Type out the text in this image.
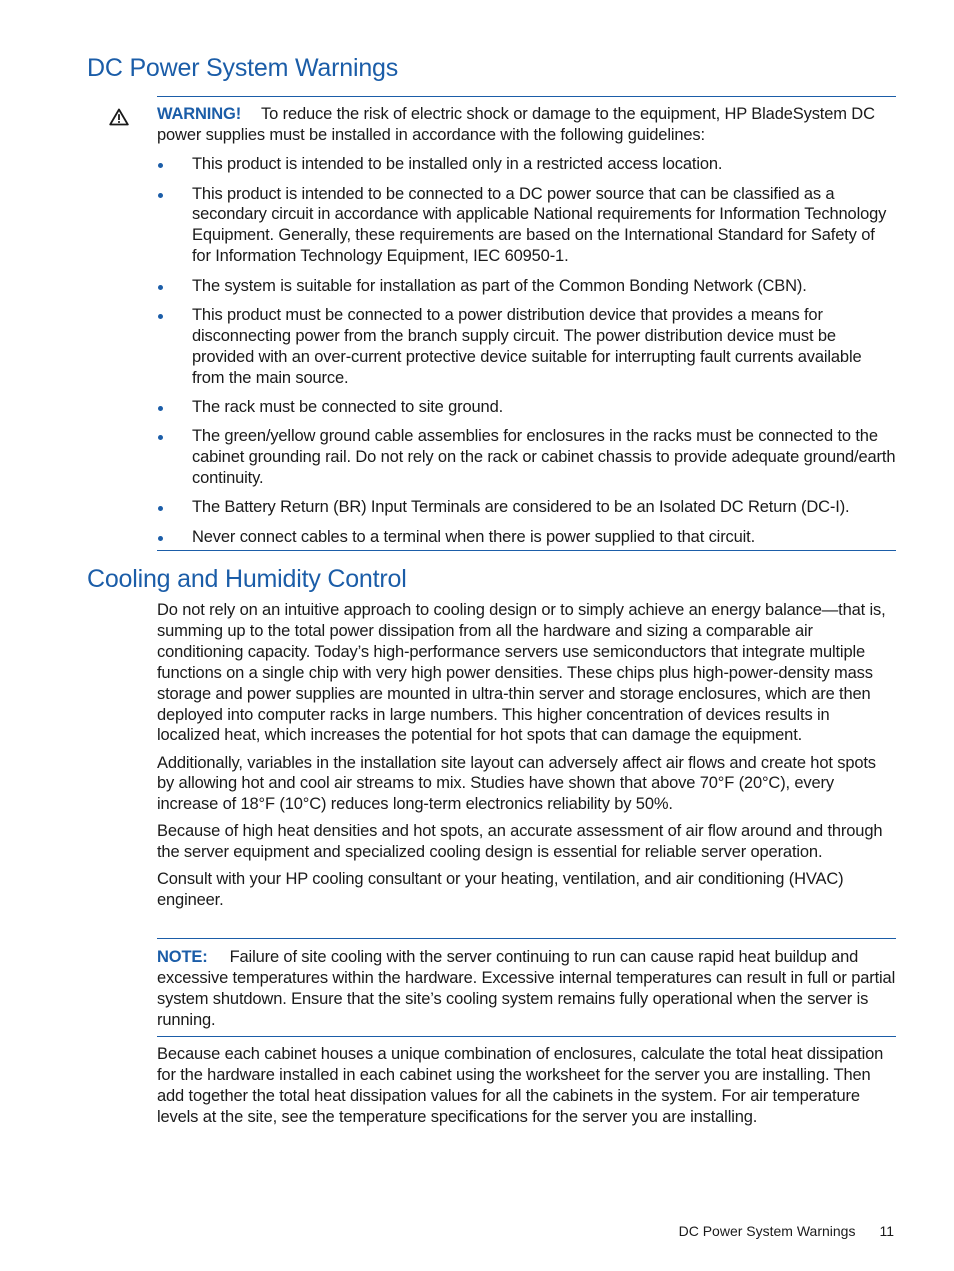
DC Power System Warnings

WARNING! To reduce the risk of electric shock or damage to the equipment, HP BladeSystem DC power supplies must be installed in accordance with the following guidelines:

This product is intended to be installed only in a restricted access location.
This product is intended to be connected to a DC power source that can be classified as a secondary circuit in accordance with applicable National requirements for Information Technology Equipment. Generally, these requirements are based on the International Standard for Safety of for Information Technology Equipment, IEC 60950-1.
The system is suitable for installation as part of the Common Bonding Network (CBN).
This product must be connected to a power distribution device that provides a means for disconnecting power from the branch supply circuit. The power distribution device must be provided with an over-current protective device suitable for interrupting fault currents available from the main source.
The rack must be connected to site ground.
The green/yellow ground cable assemblies for enclosures in the racks must be connected to the cabinet grounding rail. Do not rely on the rack or cabinet chassis to provide adequate ground/earth continuity.
The Battery Return (BR) Input Terminals are considered to be an Isolated DC Return (DC-I).
Never connect cables to a terminal when there is power supplied to that circuit.
Cooling and Humidity Control

Do not rely on an intuitive approach to cooling design or to simply achieve an energy balance—that is, summing up to the total power dissipation from all the hardware and sizing a comparable air conditioning capacity. Today’s high-performance servers use semiconductors that integrate multiple functions on a single chip with very high power densities. These chips plus high-power-density mass storage and power supplies are mounted in ultra-thin server and storage enclosures, which are then deployed into computer racks in large numbers. This higher concentration of devices results in localized heat, which increases the potential for hot spots that can damage the equipment.

Additionally, variables in the installation site layout can adversely affect air flows and create hot spots by allowing hot and cool air streams to mix. Studies have shown that above 70°F (20°C), every increase of 18°F (10°C) reduces long-term electronics reliability by 50%.

Because of high heat densities and hot spots, an accurate assessment of air flow around and through the server equipment and specialized cooling design is essential for reliable server operation.

Consult with your HP cooling consultant or your heating, ventilation, and air conditioning (HVAC) engineer.

NOTE: Failure of site cooling with the server continuing to run can cause rapid heat buildup and excessive temperatures within the hardware. Excessive internal temperatures can result in full or partial system shutdown. Ensure that the site’s cooling system remains fully operational when the server is running.

Because each cabinet houses a unique combination of enclosures, calculate the total heat dissipation for the hardware installed in each cabinet using the worksheet for the server you are installing. Then add together the total heat dissipation values for all the cabinets in the system. For air temperature levels at the site, see the temperature specifications for the server you are installing.

DC Power System Warnings 11
